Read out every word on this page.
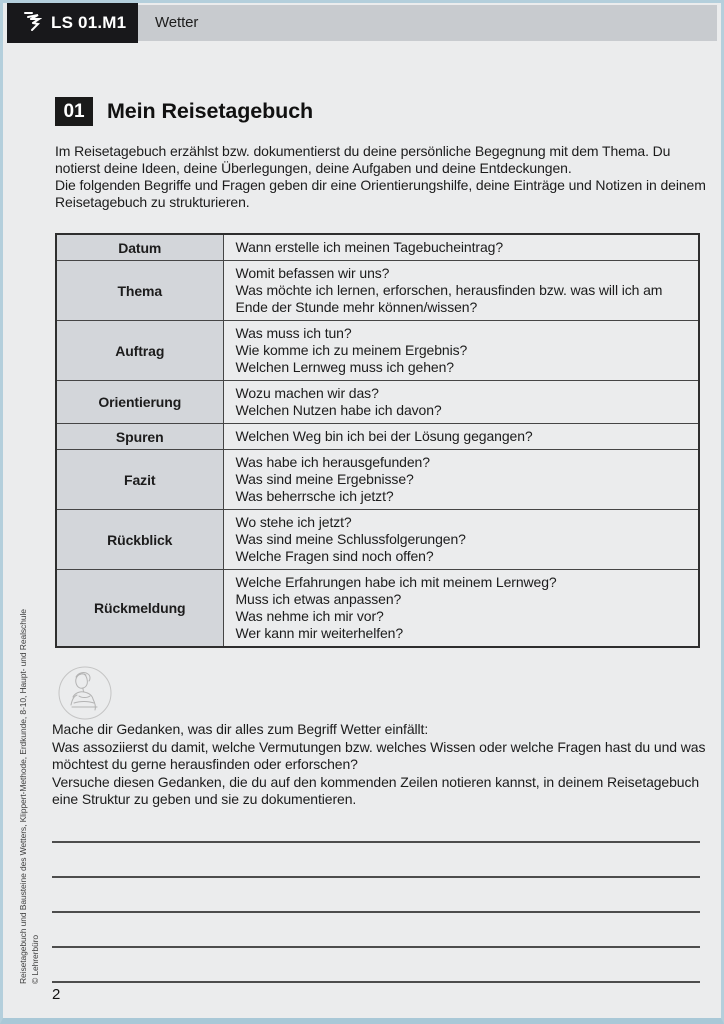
Wetter
LS 01.M1
01	Mein Reisetagebuch

Im Reisetagebuch erzählst bzw. dokumentierst du deine persönliche Begegnung mit dem Thema. Du notierst deine Ideen, deine Überlegungen, deine Aufgaben und deine Entdeckungen.

Die folgenden Begriffe und Fragen geben dir eine Orientierungshilfe, deine Einträge und Notizen in deinem Reisetagebuch zu strukturieren.

Datum	Wann erstelle ich meinen Tagebucheintrag?

Thema	Womit befassen wir uns?
Was möchte ich lernen, erforschen, herausfinden bzw. was will ich am Ende der Stunde mehr können/wissen?

Auftrag	Was muss ich tun?
Wie komme ich zu meinem Ergebnis?
Welchen Lernweg muss ich gehen?

Orientierung	Wozu machen wir das?
Welchen Nutzen habe ich davon?

Spuren	Welchen Weg bin ich bei der Lösung gegangen?

Fazit	Was habe ich herausgefunden?
Was sind meine Ergebnisse?
Was beherrsche ich jetzt?

Rückblick	Wo stehe ich jetzt?
Was sind meine Schlussfolgerungen?
Welche Fragen sind noch offen?

Rückmeldung	Welche Erfahrungen habe ich mit meinem Lernweg?
Muss ich etwas anpassen?
Was nehme ich mir vor?
Wer kann mir weiterhelfen?

Mache dir Gedanken, was dir alles zum Begriff Wetter einfällt:

Was assoziierst du damit, welche Vermutungen bzw. welches Wissen oder welche Fragen hast du und was möchtest du gerne herausfinden oder erforschen?

Versuche diesen Gedanken, die du auf den kommenden Zeilen notieren kannst, in deinem Reisetagebuch eine Struktur zu geben und sie zu dokumentieren.

Reisetagebuch und Bausteine des Wetters, Klippert-Methode, Erdkunde, 8-10, Haupt- und Realschule © Lehrerbüro
2
